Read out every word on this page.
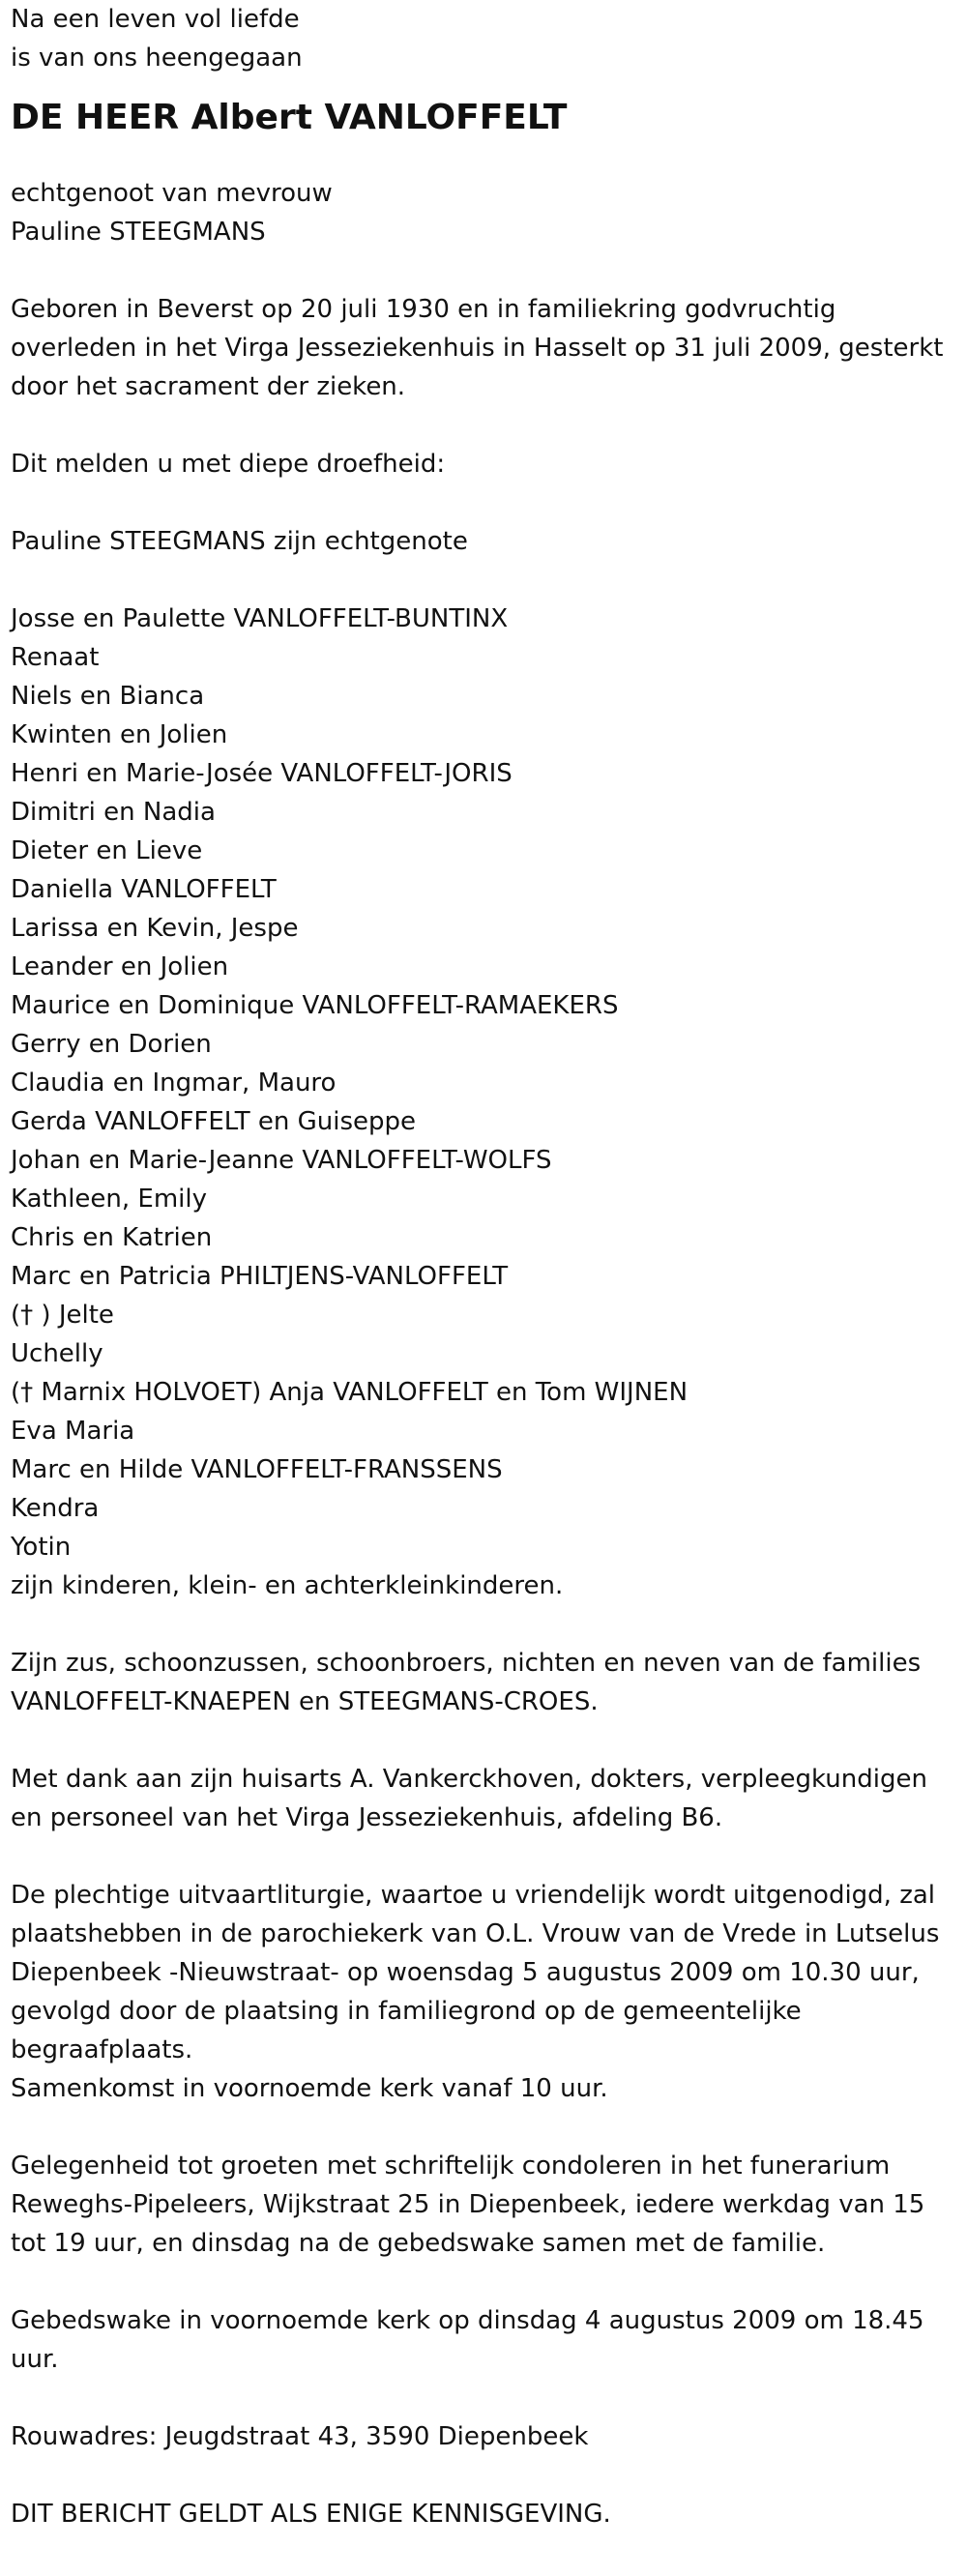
Na een leven vol liefde
is van ons heengegaan
DE HEER Albert VANLOFFELT
echtgenoot van mevrouw
Pauline STEEGMANS
Geboren in Beverst op 20 juli 1930 en in familiekring godvruchtig
overleden in het Virga Jesseziekenhuis in Hasselt op 31 juli 2009, gesterkt
door het sacrament der zieken.
Dit melden u met diepe droefheid:
Pauline STEEGMANS zijn echtgenote
Josse en Paulette VANLOFFELT-BUNTINX
Renaat
Niels en Bianca
Kwinten en Jolien
Henri en Marie-Josée VANLOFFELT-JORIS
Dimitri en Nadia
Dieter en Lieve
Daniella VANLOFFELT
Larissa en Kevin, Jespe
Leander en Jolien
Maurice en Dominique VANLOFFELT-RAMAEKERS
Gerry en Dorien
Claudia en Ingmar, Mauro
Gerda VANLOFFELT en Guiseppe
Johan en Marie-Jeanne VANLOFFELT-WOLFS
Kathleen, Emily
Chris en Katrien
Marc en Patricia PHILTJENS-VANLOFFELT
(† ) Jelte
Uchelly
(† Marnix HOLVOET) Anja VANLOFFELT en Tom WIJNEN
Eva Maria
Marc en Hilde VANLOFFELT-FRANSSENS
Kendra
Yotin
zijn kinderen, klein- en achterkleinkinderen.
Zijn zus, schoonzussen, schoonbroers, nichten en neven van de families
VANLOFFELT-KNAEPEN en STEEGMANS-CROES.
Met dank aan zijn huisarts A. Vankerckhoven, dokters, verpleegkundigen
en personeel van het Virga Jesseziekenhuis, afdeling B6.
De plechtige uitvaartliturgie, waartoe u vriendelijk wordt uitgenodigd, zal
plaatshebben in de parochiekerk van O.L. Vrouw van de Vrede in Lutselus
Diepenbeek -Nieuwstraat- op woensdag 5 augustus 2009 om 10.30 uur,
gevolgd door de plaatsing in familiegrond op de gemeentelijke
begraafplaats.
Samenkomst in voornoemde kerk vanaf 10 uur.
Gelegenheid tot groeten met schriftelijk condoleren in het funerarium
Reweghs-Pipeleers, Wijkstraat 25 in Diepenbeek, iedere werkdag van 15
tot 19 uur, en dinsdag na de gebedswake samen met de familie.
Gebedswake in voornoemde kerk op dinsdag 4 augustus 2009 om 18.45
uur.
Rouwadres: Jeugdstraat 43, 3590 Diepenbeek
DIT BERICHT GELDT ALS ENIGE KENNISGEVING.
